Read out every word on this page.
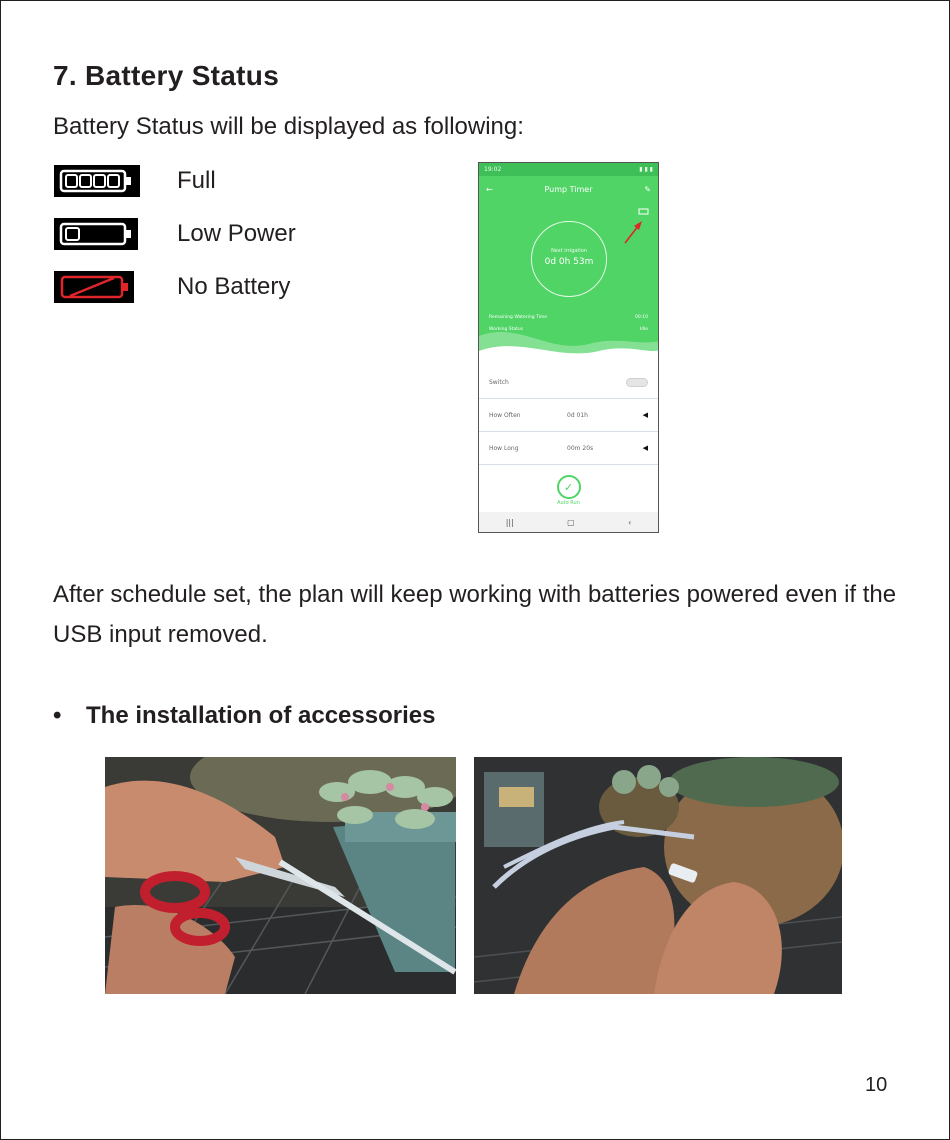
7. Battery Status

Battery Status will be displayed as following:

Full
Low Power
No Battery
19:02	▮ ▮ ▮
←	Pump Timer	✎
Next irrigation
0d 0h 53m
Remaining Watering Time	00:10
Working Status	Idle
Switch
How Often	0d 01h	◀
How Long	00m 20s	◀
✓
Auto Run
|||	▢	‹

After schedule set, the plan will keep working with batteries powered even if the USB input removed.

• The installation of accessories
10
